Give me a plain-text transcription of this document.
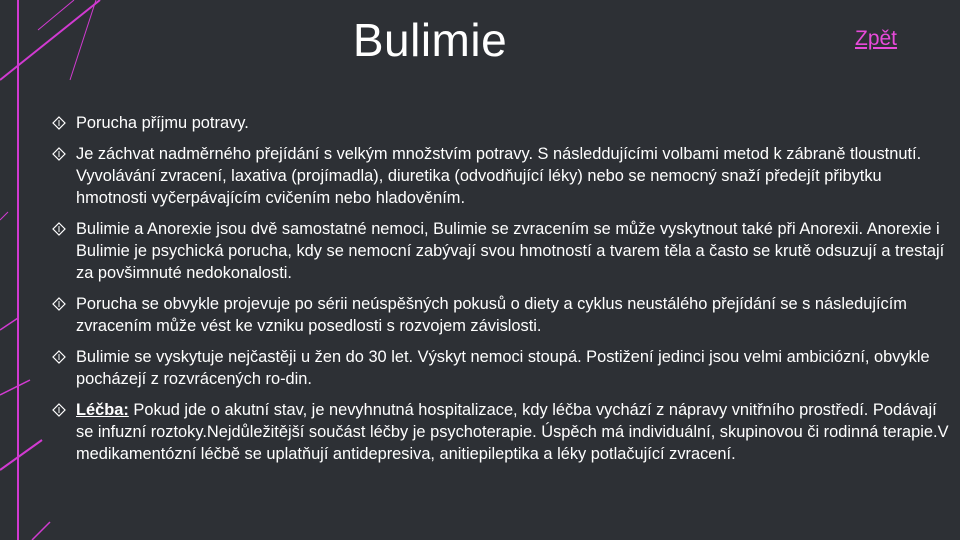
Bulimie	Zpět
Porucha příjmu potravy.
Je záchvat nadměrného přejídání s velkým množstvím potravy. S následdujícími volbami metod k zábraně tloustnutí. Vyvolávání zvracení, laxativa (projímadla), diuretika (odvodňující léky) nebo se nemocný snaží předejít přibytku hmotnosti vyčerpávajícím cvičením nebo hladověním.
Bulimie a Anorexie jsou dvě samostatné nemoci, Bulimie se zvracením se může vyskytnout také při Anorexii. Anorexie i Bulimie je psychická porucha, kdy se nemocní zabývají svou hmotností a tvarem těla a často se krutě odsuzují a trestají za povšimnuté nedokonalosti.
Porucha se obvykle projevuje po sérii neúspěšných pokusů o diety a cyklus neustálého přejídání se s následujícím zvracením může vést ke vzniku posedlosti s rozvojem závislosti.
Bulimie se vyskytuje nejčastěji u žen do 30 let. Výskyt nemoci stoupá. Postižení jedinci jsou velmi ambiciózní, obvykle pocházejí z rozvrácených ro-din.
Léčba: Pokud jde o akutní stav, je nevyhnutná hospitalizace, kdy léčba vychází z nápravy vnitřního prostředí. Podávají se infuzní roztoky.Nejdůležitější součást léčby je psychoterapie. Úspěch má individuální, skupinovou či rodinná terapie.V medikamentózní léčbě se uplatňují antidepresiva, anitiepileptika a léky potlačující zvracení.
